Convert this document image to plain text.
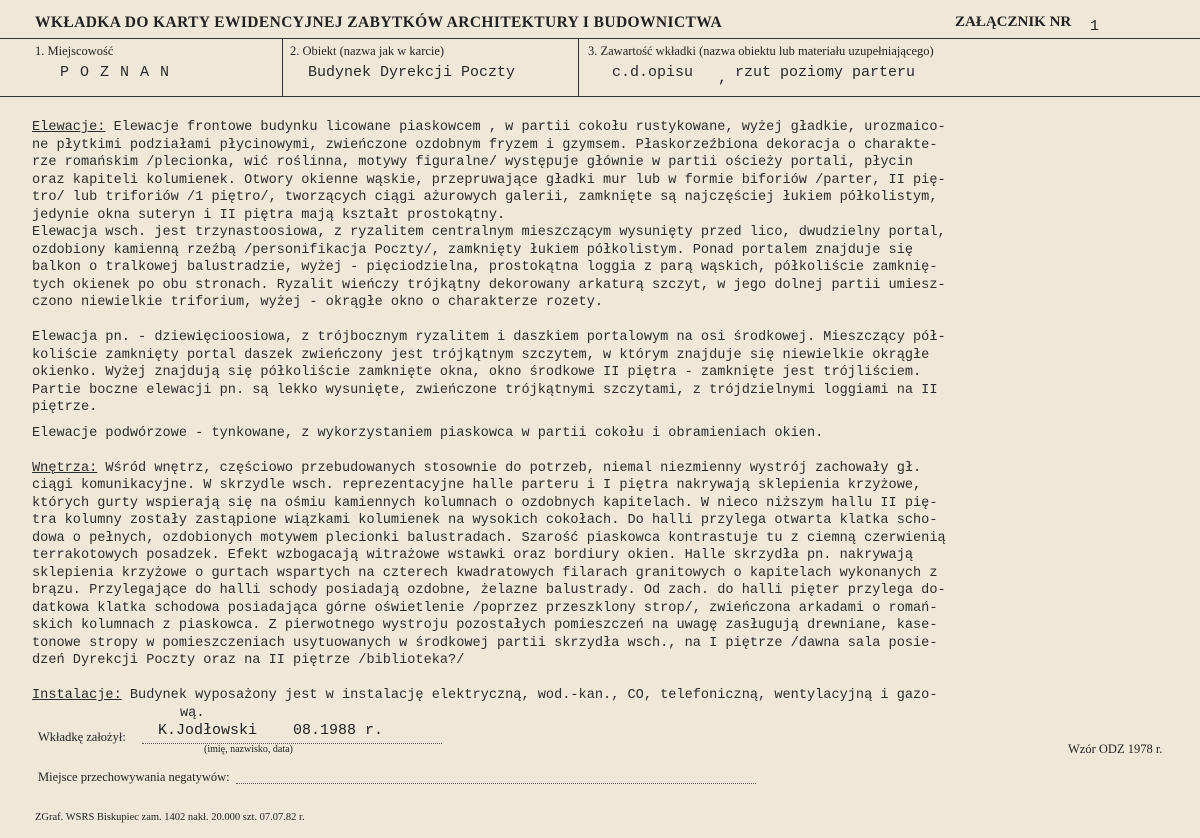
WKŁADKA DO KARTY EWIDENCYJNEJ ZABYTKÓW ARCHITEKTURY I BUDOWNICTWA	ZAŁĄCZNIK NR 1
1. Miejscowość
P O Z N A N
2. Obiekt (nazwa jak w karcie)
Budynek Dyrekcji Poczty
3. Zawartość wkładki (nazwa obiektu lub materiału uzupełniającego)
c.d.opisu , rzut poziomy parteru

Elewacje: Elewacje frontowe budynku licowane piaskowcem , w partii cokołu rustykowane, wyżej gładkie, urozmaico-

ne płytkimi podziałami płycinowymi, zwieńczone ozdobnym fryzem i gzymsem. Płaskorzeźbiona dekoracja o charakte-

rze romańskim /plecionka, wić roślinna, motywy figuralne/ występuje głównie w partii ościeży portali, płycin

oraz kapiteli kolumienek. Otwory okienne wąskie, przepruwające gładki mur lub w formie biforiów /parter, II pię-

tro/ lub triforiów /1 piętro/, tworzących ciągi ażurowych galerii, zamknięte są najczęściej łukiem półkolistym,

jedynie okna suteryn i II piętra mają kształt prostokątny.

Elewacja wsch. jest trzynastoosiowa, z ryzalitem centralnym mieszczącym wysunięty przed lico, dwudzielny portal,

ozdobiony kamienną rzeźbą /personifikacja Poczty/, zamknięty łukiem półkolistym. Ponad portalem znajduje się

balkon o tralkowej balustradzie, wyżej - pięciodzielna, prostokątna loggia z parą wąskich, półkoliście zamknię-

tych okienek po obu stronach. Ryzalit wieńczy trójkątny dekorowany arkaturą szczyt, w jego dolnej partii umiesz-

czono niewielkie triforium, wyżej - okrągłe okno o charakterze rozety.

Elewacja pn. - dziewięcioosiowa, z trójbocznym ryzalitem i daszkiem portalowym na osi środkowej. Mieszczący pół-

koliście zamknięty portal daszek zwieńczony jest trójkątnym szczytem, w którym znajduje się niewielkie okrągłe

okienko. Wyżej znajdują się półkoliście zamknięte okna, okno środkowe II piętra - zamknięte jest trójliściem.

Partie boczne elewacji pn. są lekko wysunięte, zwieńczone trójkątnymi szczytami, z trójdzielnymi loggiami na II

piętrze.

Elewacje podwórzowe - tynkowane, z wykorzystaniem piaskowca w partii cokołu i obramieniach okien.

Wnętrza: Wśród wnętrz, częściowo przebudowanych stosownie do potrzeb, niemal niezmienny wystrój zachowały gł.

ciągi komunikacyjne. W skrzydle wsch. reprezentacyjne halle parteru i I piętra nakrywają sklepienia krzyżowe,

których gurty wspierają się na ośmiu kamiennych kolumnach o ozdobnych kapitelach. W nieco niższym hallu II pię-

tra kolumny zostały zastąpione wiązkami kolumienek na wysokich cokołach. Do halli przylega otwarta klatka scho-

dowa o pełnych, ozdobionych motywem plecionki balustradach. Szarość piaskowca kontrastuje tu z ciemną czerwienią

terrakotowych posadzek. Efekt wzbogacają witrażowe wstawki oraz bordiury okien. Halle skrzydła pn. nakrywają

sklepienia krzyżowe o gurtach wspartych na czterech kwadratowych filarach granitowych o kapitelach wykonanych z

brązu. Przylegające do halli schody posiadają ozdobne, żelazne balustrady. Od zach. do halli pięter przylega do-

datkowa klatka schodowa posiadająca górne oświetlenie /poprzez przeszklony strop/, zwieńczona arkadami o romań-

skich kolumnach z piaskowca. Z pierwotnego wystroju pozostałych pomieszczeń na uwagę zasługują drewniane, kase-

tonowe stropy w pomieszczeniach usytuowanych w środkowej partii skrzydła wsch., na I piętrze /dawna sala posie-

dzeń Dyrekcji Poczty oraz na II piętrze /biblioteka?/

Instalacje: Budynek wyposażony jest w instalację elektryczną, wod.-kan., CO, telefoniczną, wentylacyjną i gazo-

wą.

Wkładkę założył: K.Jodłowski    08.1988 r.
(imię, nazwisko, data)	Wzór ODZ 1978 r.
Miejsce przechowywania negatywów:
ZGraf. WSRS Biskupiec zam. 1402 nakł. 20.000 szt. 07.07.82 r.
